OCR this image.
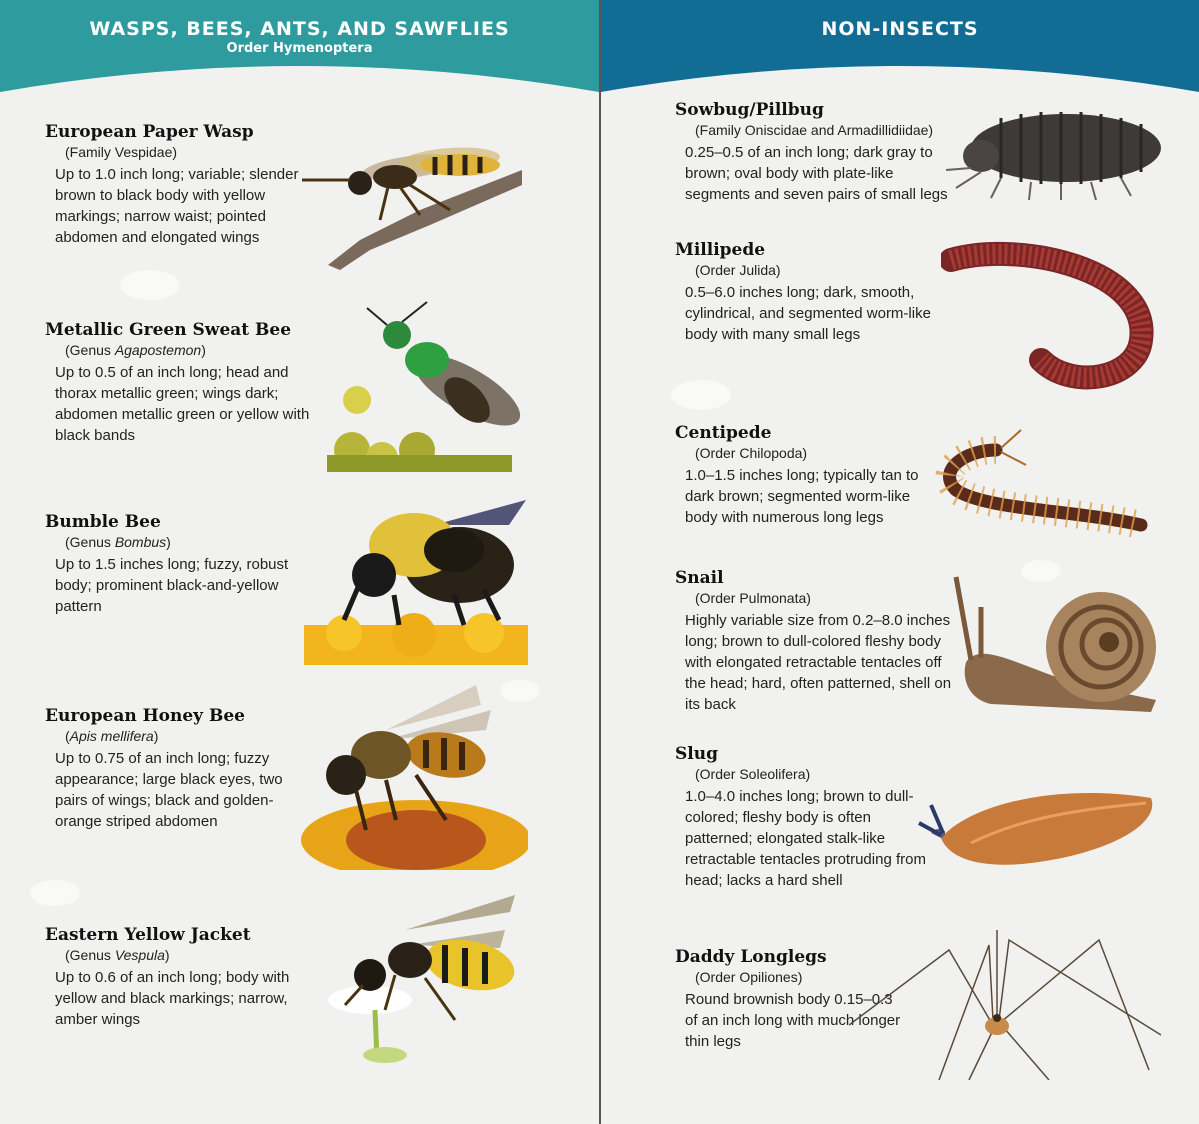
WASPS, BEES, ANTS, AND SAWFLIES
Order Hymenoptera
European Paper Wasp
(Family Vespidae)
Up to 1.0 inch long; variable; slender brown to black body with yellow markings; narrow waist; pointed abdomen and elongated wings
Metallic Green Sweat Bee
(Genus Agapostemon)
Up to 0.5 of an inch long; head and thorax metallic green; wings dark; abdomen metallic green or yellow with black bands
Bumble Bee
(Genus Bombus)
Up to 1.5 inches long; fuzzy, robust body; prominent black-and-yellow pattern
European Honey Bee
(Apis mellifera)
Up to 0.75 of an inch long; fuzzy appearance; large black eyes, two pairs of wings; black and golden-orange striped abdomen
Eastern Yellow Jacket
(Genus Vespula)
Up to 0.6 of an inch long; body with yellow and black markings; narrow, amber wings
NON-INSECTS
Sowbug/Pillbug
(Family Oniscidae and Armadillidiidae)
0.25–0.5 of an inch long; dark gray to brown; oval body with plate-like segments and seven pairs of small legs
Millipede
(Order Julida)
0.5–6.0 inches long; dark, smooth, cylindrical, and segmented worm-like body with many small legs
Centipede
(Order Chilopoda)
1.0–1.5 inches long; typically tan to dark brown; segmented worm-like body with numerous long legs
Snail
(Order Pulmonata)
Highly variable size from 0.2–8.0 inches long; brown to dull-colored fleshy body with elongated retractable tentacles off the head; hard, often patterned, shell on its back
Slug
(Order Soleolifera)
1.0–4.0 inches long; brown to dull-colored; fleshy body is often patterned; elongated stalk-like retractable tentacles protruding from head; lacks a hard shell
Daddy Longlegs
(Order Opiliones)
Round brownish body 0.15–0.3 of an inch long with much longer thin legs
